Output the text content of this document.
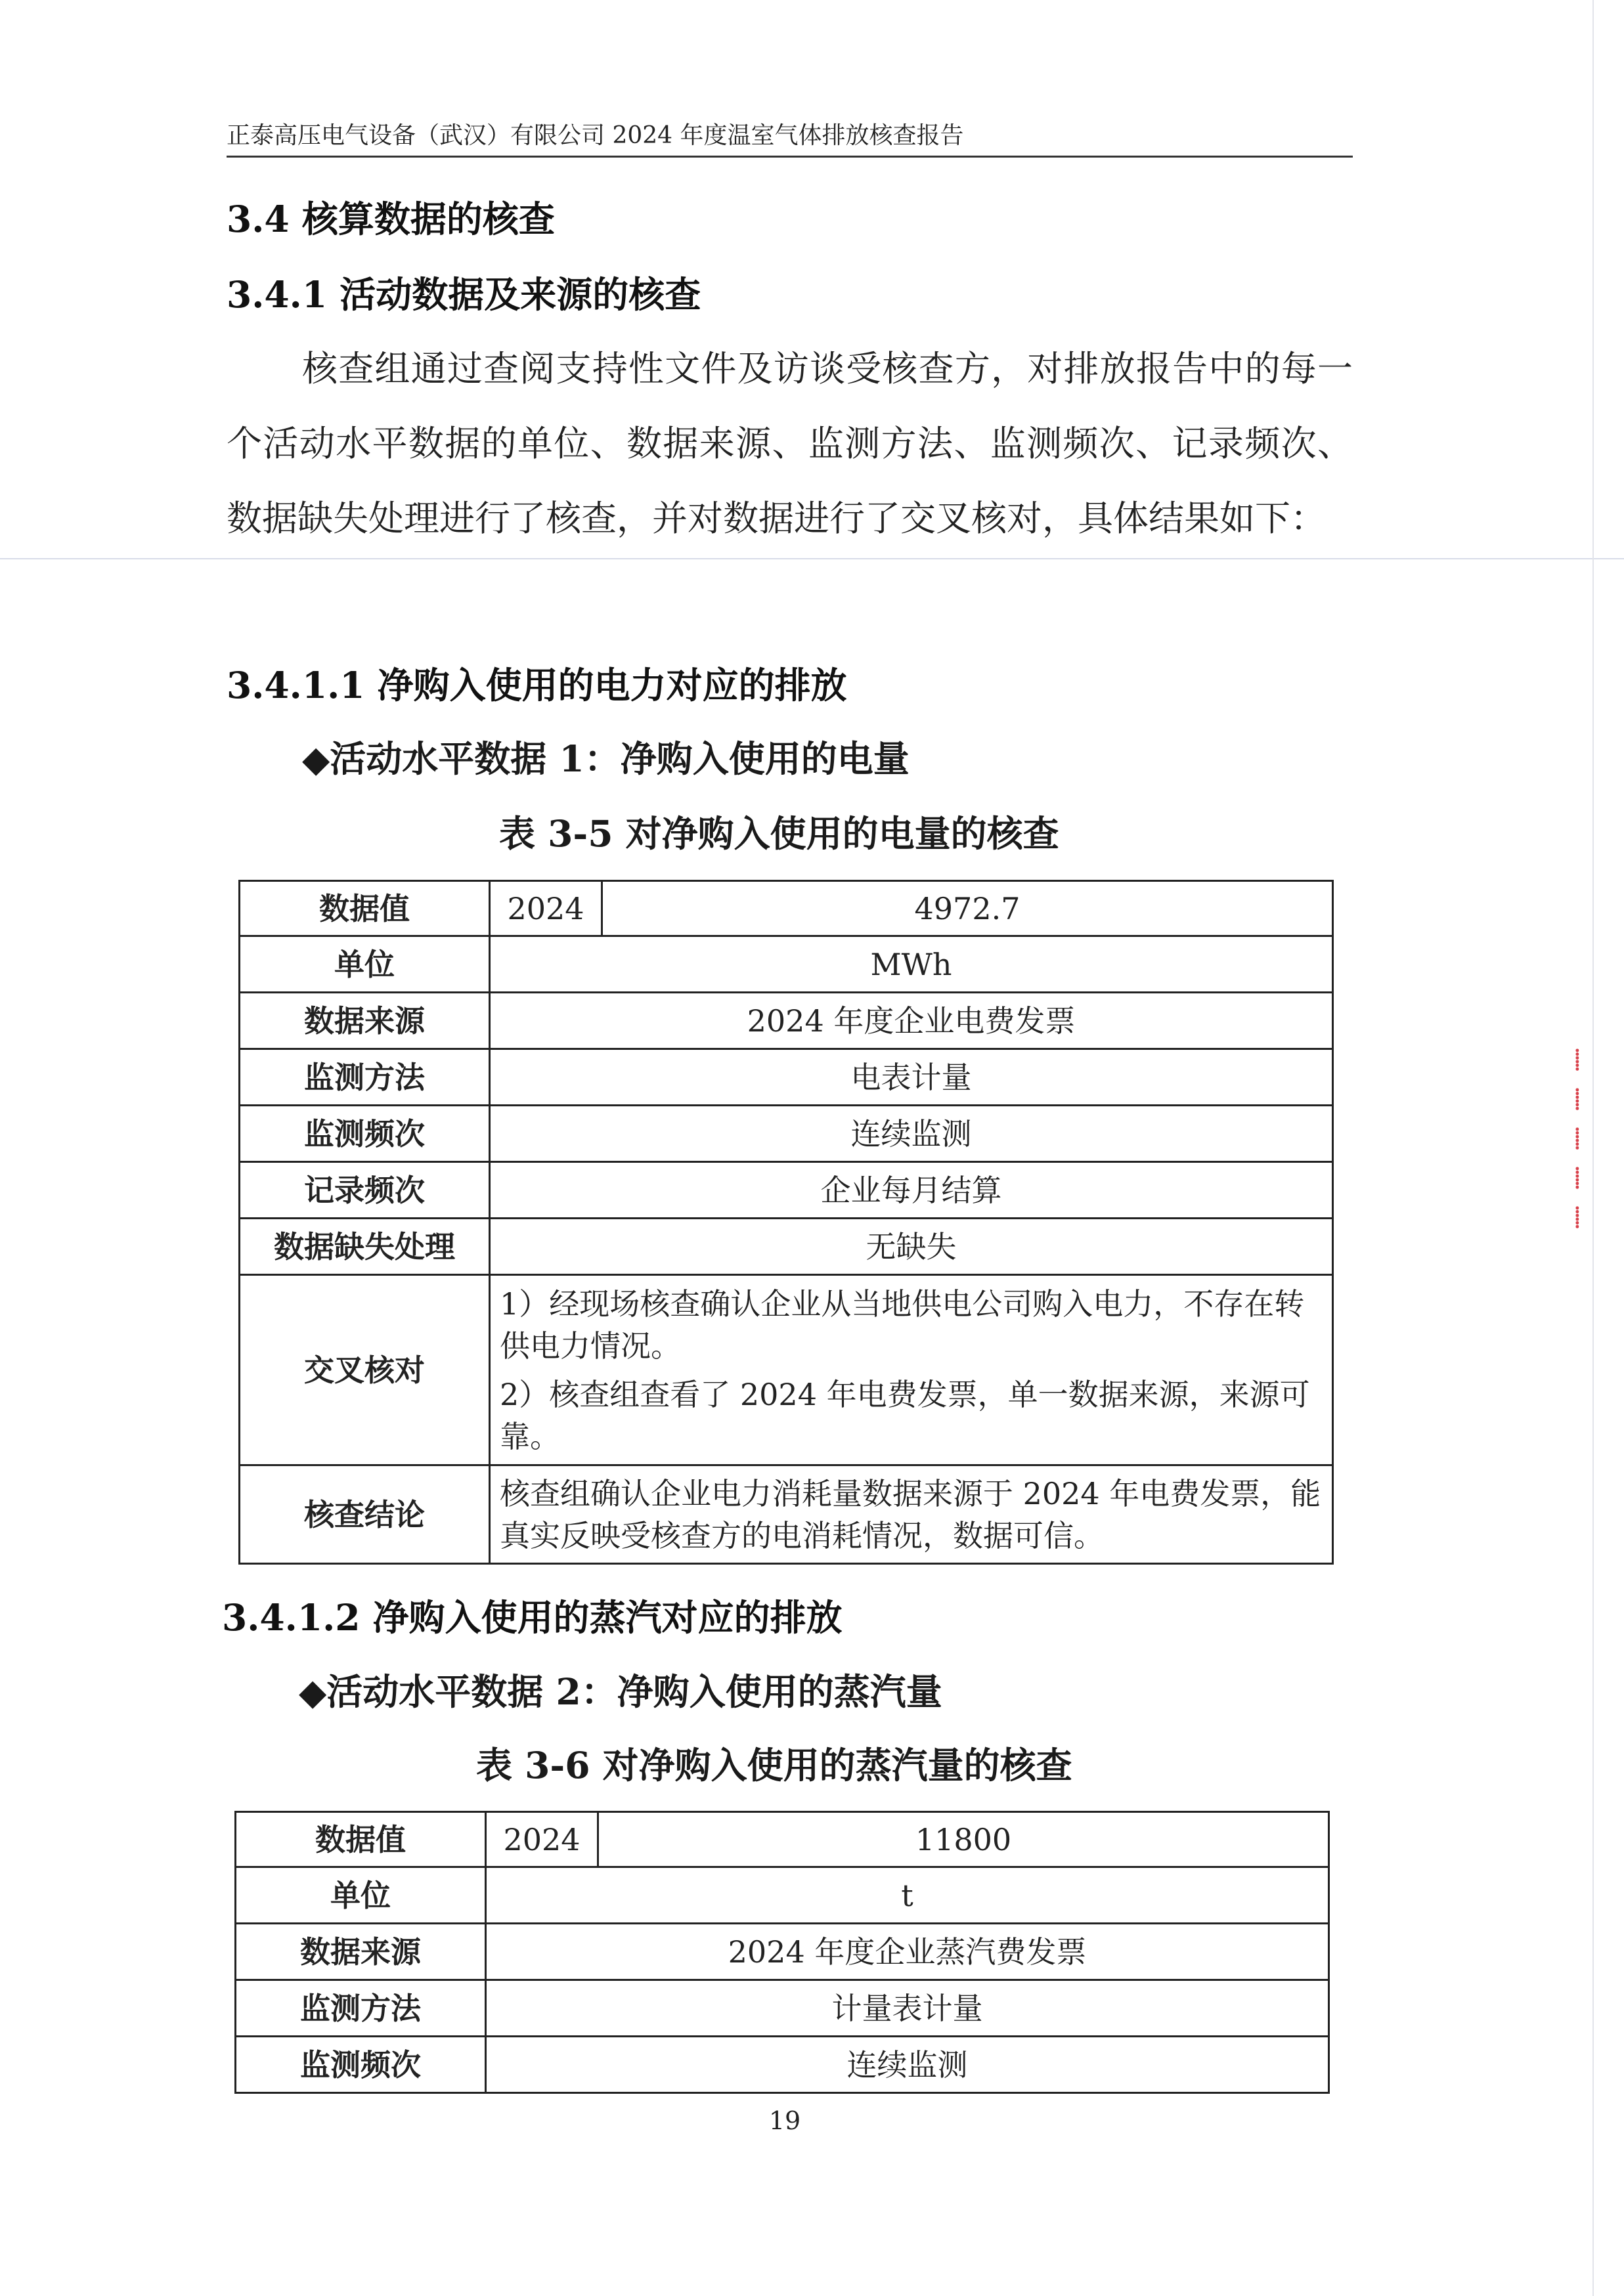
⸽
⸽
⸽
⸽
⸽
正泰高压电气设备（武汉）有限公司 2024 年度温室气体排放核查报告
3.4 核算数据的核查
3.4.1 活动数据及来源的核查
核查组通过查阅支持性文件及访谈受核查方，对排放报告中的每一个活动水平数据的单位、数据来源、监测方法、监测频次、记录频次、数据缺失处理进行了核查，并对数据进行了交叉核对，具体结果如下：
3.4.1.1 净购入使用的电力对应的排放
◆活动水平数据 1：净购入使用的电量
表 3-5 对净购入使用的电量的核查
数据值	2024	4972.7
单位	MWh	
数据来源	2024 年度企业电费发票	
监测方法	电表计量	
监测频次	连续监测	
记录频次	企业每月结算	
数据缺失处理	无缺失	
交叉核对	1）经现场核查确认企业从当地供电公司购入电力，不存在转供电力情况。

2）核查组查看了 2024 年电费发票，单一数据来源，来源可靠。	

核查结论	核查组确认企业电力消耗量数据来源于 2024 年电费发票，能真实反映受核查方的电消耗情况，数据可信。	
3.4.1.2 净购入使用的蒸汽对应的排放
◆活动水平数据 2：净购入使用的蒸汽量
表 3-6 对净购入使用的蒸汽量的核查
数据值	2024	11800
单位	t	
数据来源	2024 年度企业蒸汽费发票	
监测方法	计量表计量	
监测频次	连续监测	
19
